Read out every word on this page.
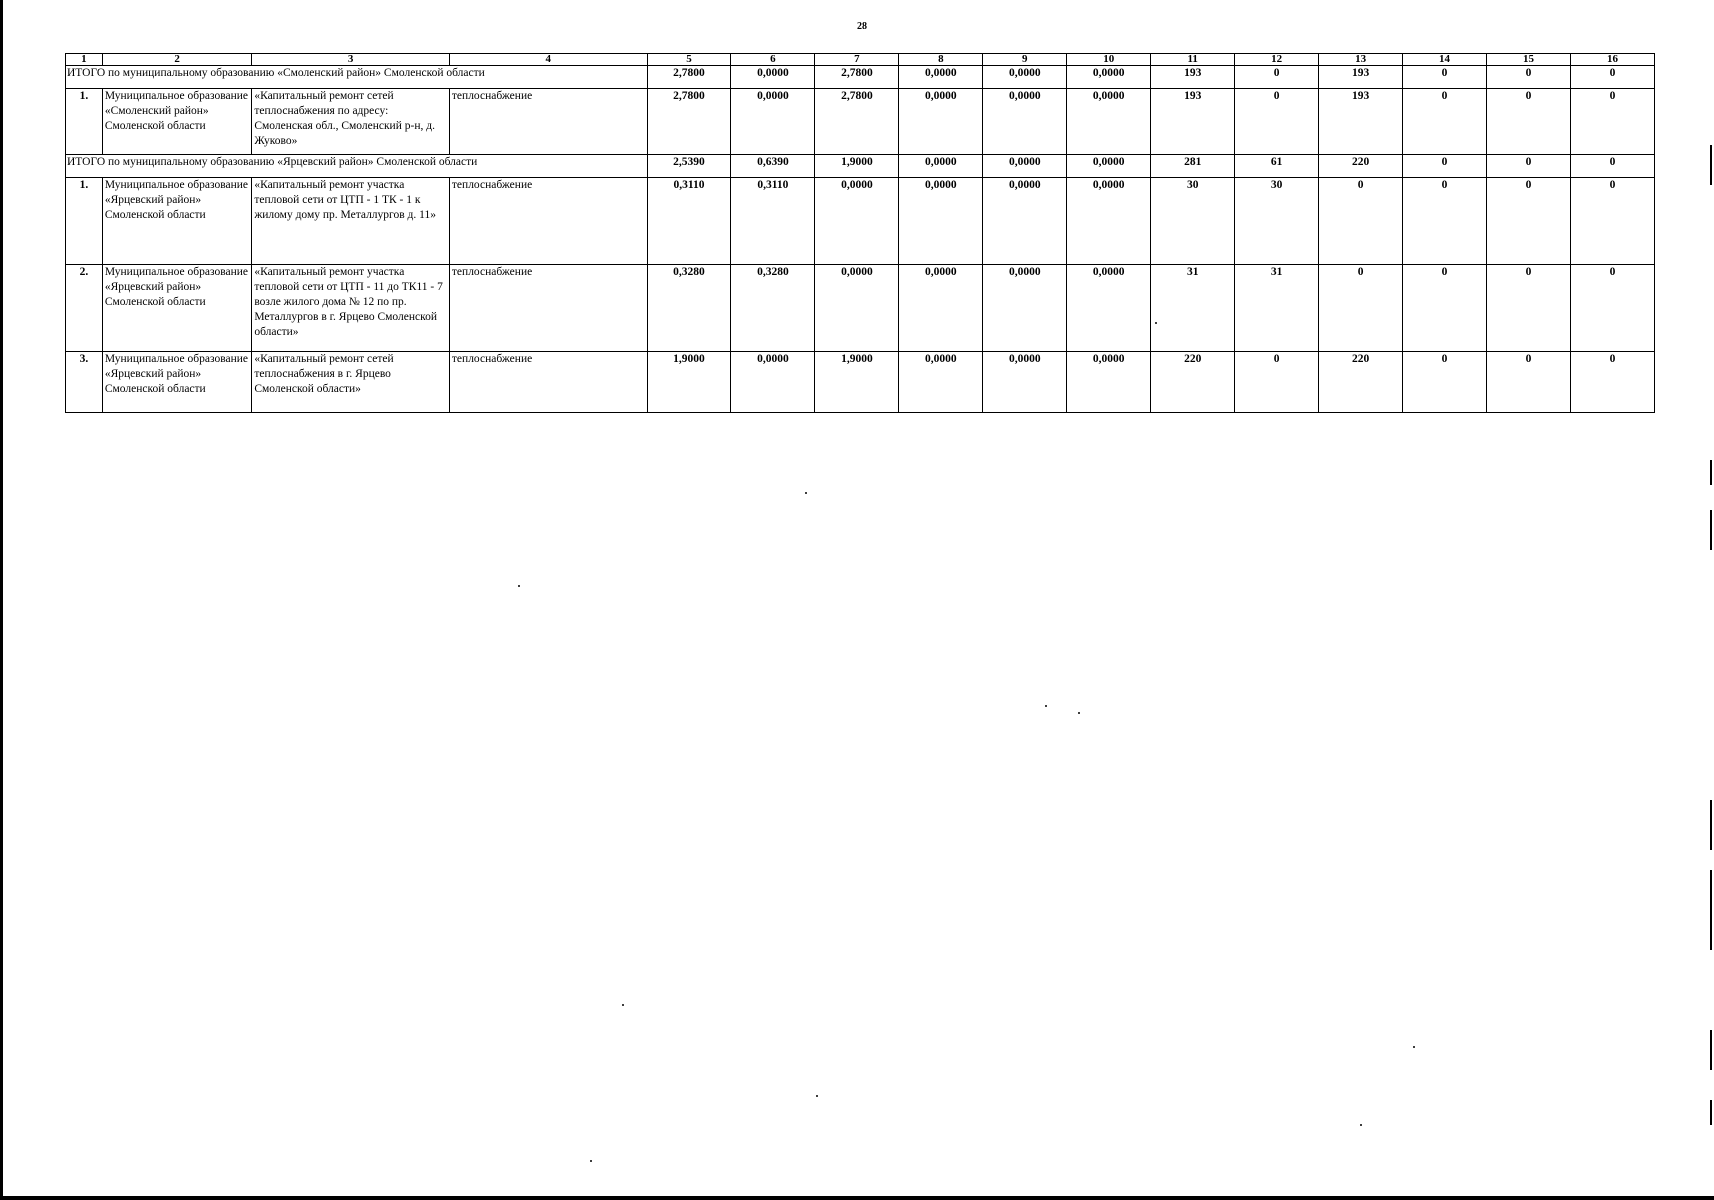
28
1	2	3	4	5	6	7	8	9	10	11	12	13	14	15	16
ИТОГО по муниципальному образованию «Смоленский район» Смоленской области				2,7800	0,0000	2,7800	0,0000	0,0000	0,0000	193	0	193	0	0	0
1.	Муниципальное образование «Смоленский район» Смоленской области	«Капитальный ремонт сетей теплоснабжения по адресу: Смоленская обл., Смоленский р-н, д. Жуково»	теплоснабжение	2,7800	0,0000	2,7800	0,0000	0,0000	0,0000	193	0	193	0	0	0
ИТОГО по муниципальному образованию «Ярцевский район» Смоленской области				2,5390	0,6390	1,9000	0,0000	0,0000	0,0000	281	61	220	0	0	0
1.	Муниципальное образование «Ярцевский район» Смоленской области	«Капитальный ремонт участка тепловой сети от ЦТП - 1 ТК - 1 к жилому дому пр. Металлургов д. 11»	теплоснабжение	0,3110	0,3110	0,0000	0,0000	0,0000	0,0000	30	30	0	0	0	0
2.	Муниципальное образование «Ярцевский район» Смоленской области	«Капитальный ремонт участка тепловой сети от ЦТП - 11 до ТК11 - 7 возле жилого дома № 12 по пр. Металлургов в г. Ярцево Смоленской области»	теплоснабжение	0,3280	0,3280	0,0000	0,0000	0,0000	0,0000	31	31	0	0	0	0
3.	Муниципальное образование «Ярцевский район» Смоленской области	«Капитальный ремонт сетей теплоснабжения в г. Ярцево Смоленской области»	теплоснабжение	1,9000	0,0000	1,9000	0,0000	0,0000	0,0000	220	0	220	0	0	0
